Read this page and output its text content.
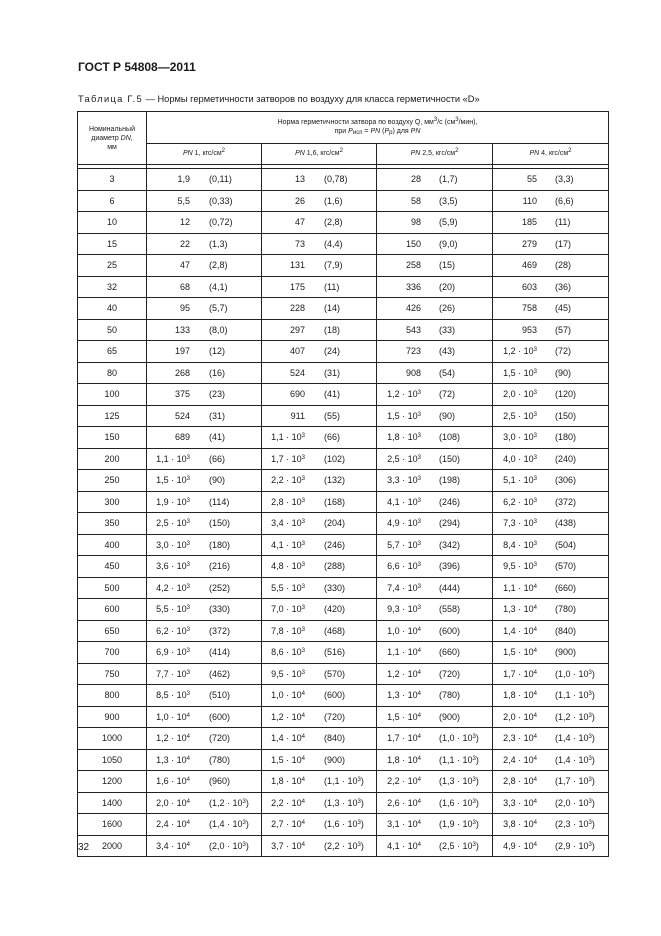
ГОСТ Р 54808—2011
Таблица Г.5 — Нормы герметичности затворов по воздуху для класса герметичности «D»
Номинальный
диаметр DN,
мм	Норма герметичности затвора по воздуху Q, $мм^3/с$ $(см^3/мин)$,
при $P_{исп}$ = PN $(P_р)$ для PN			
	PN 1, кгс/$см^2$	PN 1,6, кгс/$см^2$	PN 2,5, кгс/$см^2$	PN 4, кгс/$см^2$

3	1,9 (0,11)	13 (0,78)	28 (1,7)	55 (3,3)

6	5,5 (0,33)	26 (1,6)	58 (3,5)	110 (6,6)

10	12 (0,72)	47 (2,8)	98 (5,9)	185 (11)

15	22 (1,3)	73 (4,4)	150 (9,0)	279 (17)

25	47 (2,8)	131 (7,9)	258 (15)	469 (28)

32	68 (4,1)	175 (11)	336 (20)	603 (36)

40	95 (5,7)	228 (14)	426 (26)	758 (45)

50	133 (8,0)	297 (18)	543 (33)	953 (57)

65	197 (12)	407 (24)	723 (43)	$1,2 \cdot 10^3$ (72)

80	268 (16)	524 (31)	908 (54)	$1,5 \cdot 10^3$ (90)

100	375 (23)	690 (41)	$1,2 \cdot 10^3$ (72)	$2,0 \cdot 10^3$ (120)

125	524 (31)	911 (55)	$1,5 \cdot 10^3$ (90)	$2,5 \cdot 10^3$ (150)

150	689 (41)	$1,1 \cdot 10^3$ (66)	$1,8 \cdot 10^3$ (108)	$3,0 \cdot 10^3$ (180)

200	$1,1 \cdot 10^3$ (66)	$1,7 \cdot 10^3$ (102)	$2,5 \cdot 10^3$ (150)	$4,0 \cdot 10^3$ (240)

250	$1,5 \cdot 10^3$ (90)	$2,2 \cdot 10^3$ (132)	$3,3 \cdot 10^3$ (198)	$5,1 \cdot 10^3$ (306)

300	$1,9 \cdot 10^3$ (114)	$2,8 \cdot 10^3$ (168)	$4,1 \cdot 10^3$ (246)	$6,2 \cdot 10^3$ (372)

350	$2,5 \cdot 10^3$ (150)	$3,4 \cdot 10^3$ (204)	$4,9 \cdot 10^3$ (294)	$7,3 \cdot 10^3$ (438)

400	$3,0 \cdot 10^3$ (180)	$4,1 \cdot 10^3$ (246)	$5,7 \cdot 10^3$ (342)	$8,4 \cdot 10^3$ (504)

450	$3,6 \cdot 10^3$ (216)	$4,8 \cdot 10^3$ (288)	$6,6 \cdot 10^3$ (396)	$9,5 \cdot 10^3$ (570)

500	$4,2 \cdot 10^3$ (252)	$5,5 \cdot 10^3$ (330)	$7,4 \cdot 10^3$ (444)	$1,1 \cdot 10^4$ (660)

600	$5,5 \cdot 10^3$ (330)	$7,0 \cdot 10^3$ (420)	$9,3 \cdot 10^3$ (558)	$1,3 \cdot 10^4$ (780)

650	$6,2 \cdot 10^3$ (372)	$7,8 \cdot 10^3$ (468)	$1,0 \cdot 10^4$ (600)	$1,4 \cdot 10^4$ (840)

700	$6,9 \cdot 10^3$ (414)	$8,6 \cdot 10^3$ (516)	$1,1 \cdot 10^4$ (660)	$1,5 \cdot 10^4$ (900)

750	$7,7 \cdot 10^3$ (462)	$9,5 \cdot 10^3$ (570)	$1,2 \cdot 10^4$ (720)	$1,7 \cdot 10^4$ $(1,0 \cdot 10^3)$

800	$8,5 \cdot 10^3$ (510)	$1,0 \cdot 10^4$ (600)	$1,3 \cdot 10^4$ (780)	$1,8 \cdot 10^4$ $(1,1 \cdot 10^3)$

900	$1,0 \cdot 10^4$ (600)	$1,2 \cdot 10^4$ (720)	$1,5 \cdot 10^4$ (900)	$2,0 \cdot 10^4$ $(1,2 \cdot 10^3)$

1000	$1,2 \cdot 10^4$ (720)	$1,4 \cdot 10^4$ (840)	$1,7 \cdot 10^4$ $(1,0 \cdot 10^3)$	$2,3 \cdot 10^4$ $(1,4 \cdot 10^3)$

1050	$1,3 \cdot 10^4$ (780)	$1,5 \cdot 10^4$ (900)	$1,8 \cdot 10^4$ $(1,1 \cdot 10^3)$	$2,4 \cdot 10^4$ $(1,4 \cdot 10^3)$

1200	$1,6 \cdot 10^4$ (960)	$1,8 \cdot 10^4$ $(1,1 \cdot 10^3)$	$2,2 \cdot 10^4$ $(1,3 \cdot 10^3)$	$2,8 \cdot 10^4$ $(1,7 \cdot 10^3)$

1400	$2,0 \cdot 10^4$ $(1,2 \cdot 10^3)$	$2,2 \cdot 10^4$ $(1,3 \cdot 10^3)$	$2,6 \cdot 10^4$ $(1,6 \cdot 10^3)$	$3,3 \cdot 10^4$ $(2,0 \cdot 10^3)$

1600	$2,4 \cdot 10^4$ $(1,4 \cdot 10^3)$	$2,7 \cdot 10^4$ $(1,6 \cdot 10^3)$	$3,1 \cdot 10^4$ $(1,9 \cdot 10^3)$	$3,8 \cdot 10^4$ $(2,3 \cdot 10^3)$

2000	$3,4 \cdot 10^4$ $(2,0 \cdot 10^3)$	$3,7 \cdot 10^4$ $(2,2 \cdot 10^3)$	$4,1 \cdot 10^4$ $(2,5 \cdot 10^3)$	$4,9 \cdot 10^4$ $(2,9 \cdot 10^3)$
32
